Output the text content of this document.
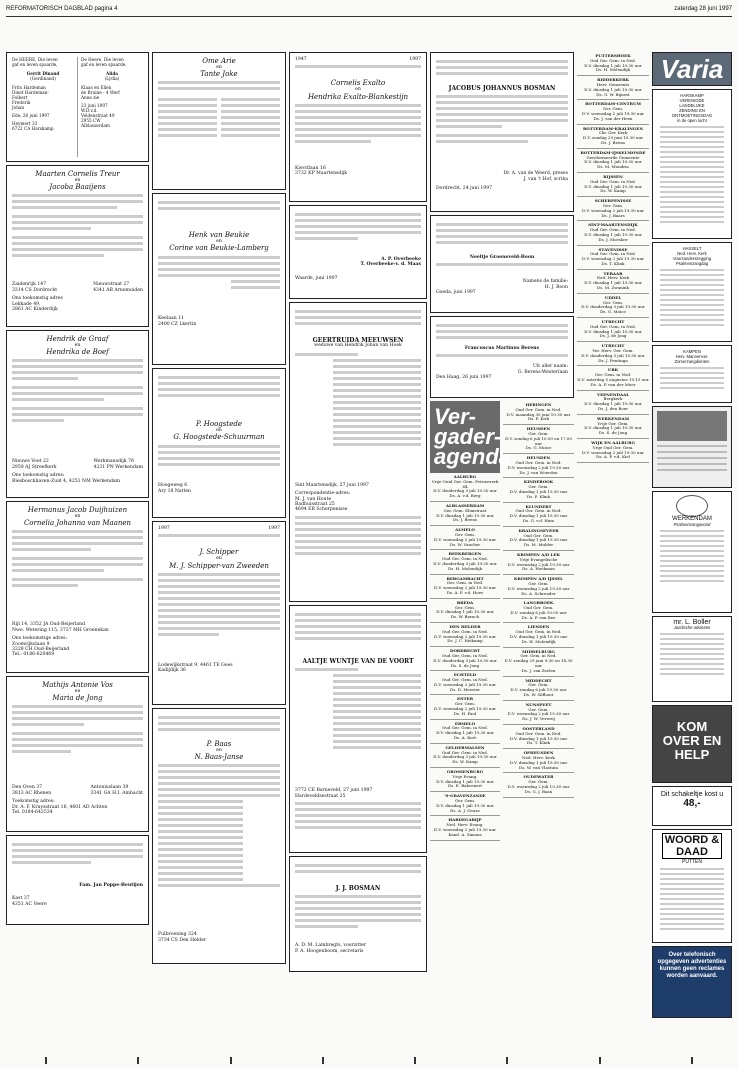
REFORMATORISCH DAGBLAD pagina 4	zaterdag 28 juni 1997
De HEERE, Die leven
gaf en leven spaarde,
Gerrit Dinand
(Gerdinand)
Frits Hardeman
Dinet Hardeman-
Folbert
Frederik
Johan
Ede, 26 juni 1997
Heymert 33
6722 CA Harskamp
De Heere, Die leven
gaf en leven spaarde,
Alida
(Lydia)
Klaas en Ellen
de Bruine - 4 Werf
Anne zie
23 juni 1997
W.D.v.d.
Veldenstraat 49
2955 CW
Alblasserdam
Maarten Cornelis Treur
en
Jacoba Baaijens
Zaidenrijk 147
3314 CS Dordrecht
Nieuwstraat 27
4341 AB Arnemuiden
Ons toekomstig adres
Lekkade 49,
2861 AC Kinderdijk
Hendrik de Graaf
en
Hendrika de Boef
Nieuwe Voet 22
2959 AJ Streefkerk
Werkmansdijk 76
4231 PN Werkendam
Ons toekomstig adres:
Biesboschhaven-Zuid 4, 4251 NM Werkendam
Hermanus Jacob Duijhuizen
en
Cornelia Johanna van Maanen
Rijl 14, 3352 JA Oud-Beijerland
Nwe. Wetering 115, 3737 MH Groenekan
Ons toekomstige adres:
Zoomrijkslaan 9
3328 CH Oud-Beijerland
Tel.: 0186-620469
Mathijs Antonie Vos
en
Maria de Jong
Den Oven 37
3813 AC Rhenen
Antoniuslaan 39
3341 GA H.I. Ambacht
Toekomstig adres:
Dr. A. F. Kruysstraat 16, 4601 AD Achten
Tel. 0184-642534
Fam. Jan Poppe-Beutijen
Kast 37
4351 AC Veere
Ome Arie
en
Tante Joke
Henk van Beukie
en
Corine van Beukie-Lamberg
Keelaan 11
2400 CZ Lkertin
P. Hoogstede
en
G. Hoogstede-Schuurman
Hoogeweg 6
Ary 18 Natten
1997	1997
J. Schipper
en
M. J. Schipper-van Zweeden
Lodewijkstraat 9, 4461 TE Goes
Kadijdijk 36
P. Baas
en
N. Baas-Janse
Fulbroening 324
3734 CS Den Helder
1947	1997
Cornelis Exalto
en
Hendrika Exalto-Blankestijn
Kievitlaan 16
3732 KP Maartensdijk
A. P. Overbeeke
T. Overbeeke-v. d. Maas
Waarde, juni 1997
GEERTRUIDA MEEUWSEN
weduwe van Hendrik Johan van Hoek
Sint Maartensdijk, 27 juni 1997
Correspondentie-adres:
M. J. van Houte
Badhuisstraat 25
4694 EB Scherpenisse
AALTJE WUNTJE VAN DE VOORT
3772 CE Barneveld, 27 juni 1997
Hardeveldsestraat 25
J. J. BOSMAN
A. D. M. Lambregts, voorzitter
P. A. Hoogenboom, secretaris
JACOBUS JOHANNUS BOSMAN
Dr. A. van de Weerd, preses
J. van 't Hof, scriba
Dordrecht, 24 juni 1997
Neeltje Groeneveld-Boon
Namens de familie:
H. J. Boon
Goeda, juni 1997
Francuscus Martinus Berens
Uit aller naam:
G. Berens-Westerlaan
Den Haag, 26 juni 1997
Ver-gader-agenda
AALBURG
Vrije Ouid Ger. Gem. Petruswerk 64
D.V. donderdag 3 juli 19.30 uur
Ds. A. v.d. Berg
ALBLASSERDAM
Ger. Gem. Elimstraat
D.V. dinsdag 1 juli 19.30 uur
Ds. J. Beens
ALMELO
Ger. Gem.
D.V. woensdag 2 juli 19.30 uur
Ds. W. Vancher
BEEKBERGEN
Oud Ger. Gem. in Ned.
D.V. donderdag 3 juli 19.30 uur
Ds. H. Molendijk
BERGAMBACHT
Ger. Gem. in Ned.
D.V. woensdag 2 juli 19.30 uur
Ds. A. F. v.d. Hoev
BREDA
Ger. Gem.
D.V. dinsdag 1 juli 19.30 uur
Ds. W. Baruch
DEN HELDER
Oud Ger. Gem. in Ned.
D.V. woensdag 2 juli 19.30 uur
Ds. J. C. Heikamp
DORDRECHT
Oud Ger. Gem. in Ned.
D.V. donderdag 3 juli 19.30 uur
Ds. S. de Jong
ECHTELD
Oud Ger. Gem. in Ned.
D.V. woensdag 2 juli 19.30 uur
Ds. D. Meester
ENTER
Ger. Gem.
D.V. woensdag 2 juli 19.30 uur
Ds. H. Paul
ERMELO
Oud Ger. Gem. in Ned.
D.V. dinsdag 1 juli 19.30 uur
Ds. A. Kort
GELDERMALSEN
Oud Ger. Gem. in Ned.
D.V. donderdag 3 juli 19.30 uur
Ds. W. Kamp
GROSSENBURG
Vrije Evang.
D.V. dinsdag 1 juli 19.30 uur
Ds. E. Bakvenert
'S-GRAVENZANDE
Ger. Gem.
D.V. dinsdag 1 juli 19.30 uur
Ds. A. J. Geuze
HARDEGARIJP
Ned. Herv. Evang.
D.V. woensdag 2 juli 19.30 uur
Kand. A. Simons
HERINGEN
Oud Ger. Gem. in Ned.
D.V. maandag 30 juni 19.30 uur
Ds. F. Kirk
HEUSDEN
Ger. Gem.
D.V. zondag 6 juli 10.00 en 17.00 uur
Ds. G. Moice
HEUSDEN
Oud Ger. Gem. in Ned.
D.V. woensdag 2 juli 19.30 uur
Ds. J. van Woerden
KINDEROOK
Ger. Gem.
D.V. dinsdag 1 juli 19.30 uur
Ds. F. Klink
KLUNDERT
Oud Ger. Gem. in Ned.
D.V. dinsdag 1 juli 19.30 uur
Ds. G. v.d. Ham
KRALINGSEVEER
Oud Ger. Gem.
D.V. dinsdag 1 juli 19.30 uur
Ds. M. Mulder
KRIMPEN A/D LEK
Vrije Evangelische
D.V. woensdag 2 juli 19.30 uur
Ds. A. Hoekman
KRIMPEN A/D IJSSEL
Ger. Gem.
D.V. woensdag 2 juli 19.30 uur
Ds. A. Schreuder
LANGBROEK
Oud Ger. Gem.
D.V. zondag 6 juli 10.00 uur
Ds. A. P. van Ree
LIENDEN
Oud Ger. Gem. in Ned.
D.V. dinsdag 1 juli 19.30 uur
Ds. H. Molendijk
MIDDELBURG
Ger. Gem. in Ned.
D.V. zondag 29 juni 9.30 en 18.30 uur
Ds. J. van Zeelen
MIDDECHT
Ger. Gem.
D.V. zondag 6 juli 19.30 uur
Ds. W. Silfhout
NUNSPEET
Ger. Gem.
D.V. woensdag 2 juli 19.30 uur
Ds. J. W. Verweij
OOSTERLAND
Oud Ger. Gem. in Ned.
D.V. dinsdag 1 juli 19.30 uur
Ds. T. Klink
OPHEUSDEN
Ned. Herv. Kerk
D.V. dinsdag 1 juli 19.30 uur
Ds. W. van Vlastuin
OUDEWATER
Ger. Gem.
D.V. woensdag 2 juli 19.30 uur
Ds. G. J. Baan
PUTTERSHOEK
Oud Ger. Gem. in Ned.
D.V. dinsdag 1 juli 19.30 uur
Ds. H. Molendijk
RIDDERKERK
Herv. Gemeente
D.V. dinsdag 1 juli 19.30 uur
Ds. G. W. Bijnest
ROTTERDAM-CENTRUM
Ger. Gem.
D.V. woensdag 2 juli 19.30 uur
Ds. J. van der Heen
ROTTERDAM-KRALINGEN
Chr. Ger. Kerk
D.V. zondag 29 juni 19.30 uur
Ds. J. Beens
ROTTERDAM-IJSSELMONDE
Gereformeerde Gemeente
D.V. dinsdag 1 juli 19.30 uur
Ds. M. Mondria
RIJSSEN
Oud Ger. Gem. in Ned.
D.V. dinsdag 1 juli 19.30 uur
Ds. W. Kamp
SCHERPENISSE
Ger. Gem.
D.V. woensdag 2 juli 19.30 uur
Ds. J. Baars
SINT-MAARTENSDIJK
Oud Ger. Gem. in Ned.
D.V. dinsdag 1 juli 19.30 uur
Ds. J. Moesker
STAVENISSE
Oud Ger. Gem. in Ned.
D.V. woensdag 2 juli 19.30 uur
Ds. T. Klink
TERAAR
Ned. Herv. Kerk
D.V. dinsdag 1 juli 19.30 uur
Ds. M. Zwanink
UDDEL
Ger. Gem.
D.V. donderdag 3 juli 19.30 uur
Ds. G. Moice
UTRECHT
Oud Ger. Gem. in Ned.
D.V. dinsdag 1 juli 19.30 uur
Ds. J. de Jong
UTRECHT
Ver. Herv. Ger. Gem.
D.V. donderdag 3 juli 19.30 uur
Ds. J. Pentinga
URK
Ger. Gem. in Ned.
D.V. zaterdag 5 augustus 19.15 uur
Ds. A. P. van der Meer
VEENENDAAL
Bergkerk
D.V. dinsdag 1 juli 19.30 uur
Ds. J. den Boer
WERKENDAM
Vrije Ger. Gem.
D.V. dinsdag 1 juli 19.30 uur
Ds. S. de Jong
WIJK EN AALBURG
Vrije Oud Ger. Gem.
D.V. woensdag 2 juli 19.30 uur
Ds. A. P. v.d. Kiel
Varia
HARSKAMP
VERENIGDE
LANDELIJKE
ZENDING EN
ONTMOETINGSDAG
in de open lucht
HASSELT
Ned. Herv. Kerk
Voorzanderszegging
Psalmenzangdag
KAMPEN
Herv. Mannenver.
Zomerzangdienten
WERKENDAM
Psalmenzangavond
mr. L. Boller
Juridische adviezen
KOM OVER EN HELP
Dit schakeltje kost u
48,-
WOORD & DAAD
PUTTEN
Over telefonisch opgegeven advertenties kunnen geen reclames worden aanvaard.
